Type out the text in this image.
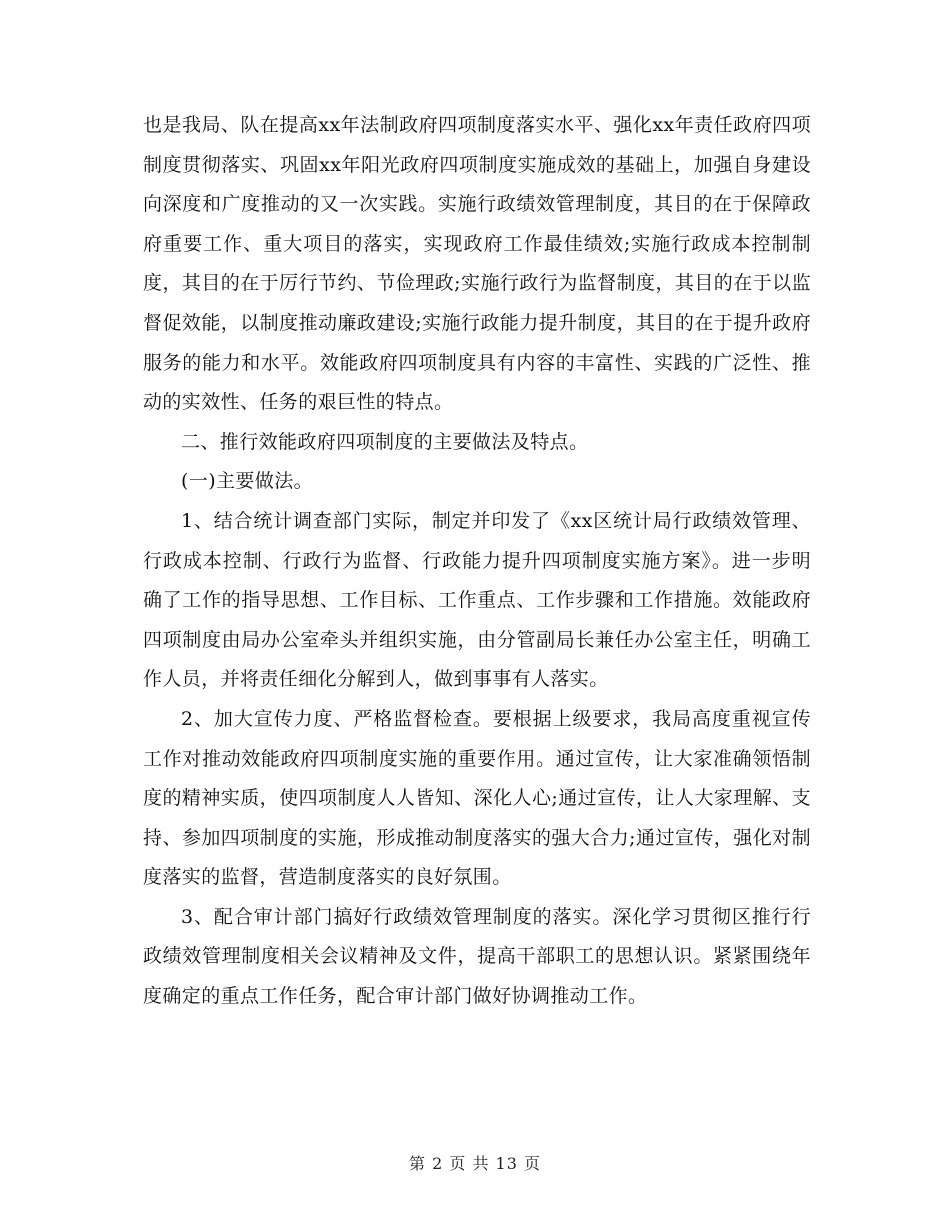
也是我局、队在提高xx年法制政府四项制度落实水平、强化xx年责任政府四项制度贯彻落实、巩固xx年阳光政府四项制度实施成效的基础上，加强自身建设向深度和广度推动的又一次实践。实施行政绩效管理制度，其目的在于保障政府重要工作、重大项目的落实，实现政府工作最佳绩效;实施行政成本控制制度，其目的在于厉行节约、节俭理政;实施行政行为监督制度，其目的在于以监督促效能，以制度推动廉政建设;实施行政能力提升制度，其目的在于提升政府服务的能力和水平。效能政府四项制度具有内容的丰富性、实践的广泛性、推动的实效性、任务的艰巨性的特点。

二、推行效能政府四项制度的主要做法及特点。

(一)主要做法。

1、结合统计调查部门实际，制定并印发了《xx区统计局行政绩效管理、行政成本控制、行政行为监督、行政能力提升四项制度实施方案》。进一步明确了工作的指导思想、工作目标、工作重点、工作步骤和工作措施。效能政府四项制度由局办公室牵头并组织实施，由分管副局长兼任办公室主任，明确工作人员，并将责任细化分解到人，做到事事有人落实。

2、加大宣传力度、严格监督检查。要根据上级要求，我局高度重视宣传工作对推动效能政府四项制度实施的重要作用。通过宣传，让大家准确领悟制度的精神实质，使四项制度人人皆知、深化人心;通过宣传，让人大家理解、支持、参加四项制度的实施，形成推动制度落实的强大合力;通过宣传，强化对制度落实的监督，营造制度落实的良好氛围。

3、配合审计部门搞好行政绩效管理制度的落实。深化学习贯彻区推行行政绩效管理制度相关会议精神及文件，提高干部职工的思想认识。紧紧围绕年度确定的重点工作任务，配合审计部门做好协调推动工作。

第 2 页 共 13 页
